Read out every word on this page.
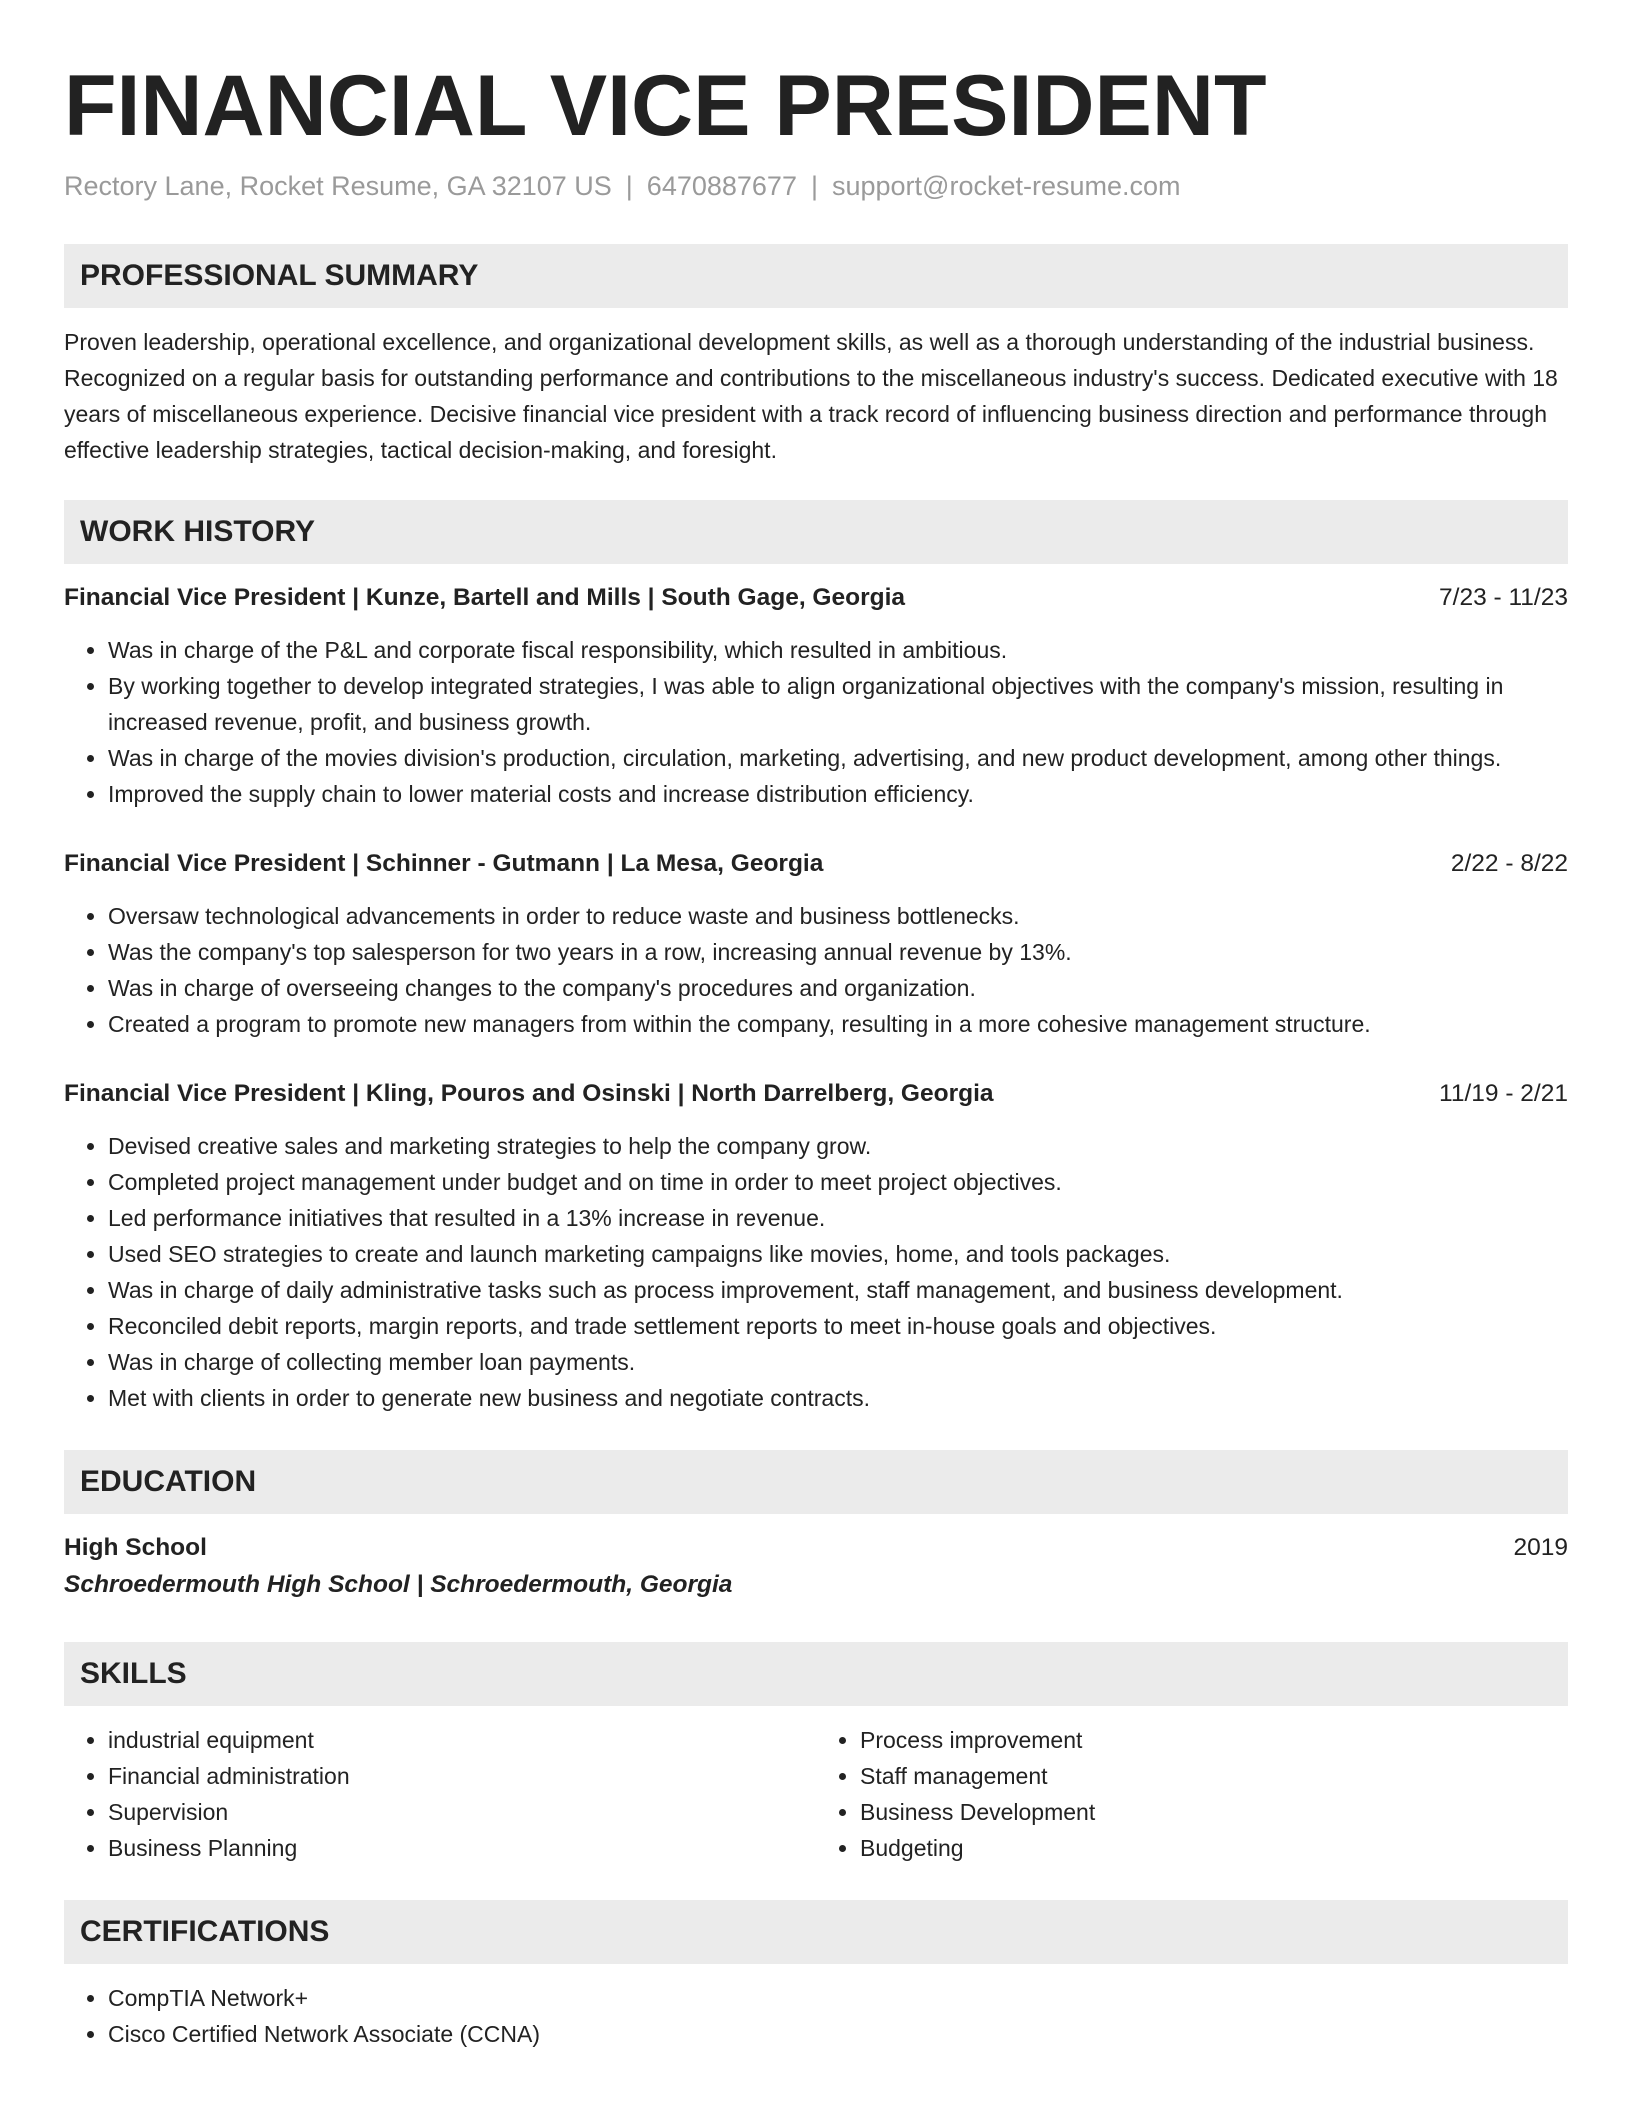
FINANCIAL VICE PRESIDENT
Rectory Lane, Rocket Resume, GA 32107 US | 6470887677 | support@rocket-resume.com
PROFESSIONAL SUMMARY

Proven leadership, operational excellence, and organizational development skills, as well as a thorough understanding of the industrial business. Recognized on a regular basis for outstanding performance and contributions to the miscellaneous industry's success. Dedicated executive with 18 years of miscellaneous experience. Decisive financial vice president with a track record of influencing business direction and performance through effective leadership strategies, tactical decision-making, and foresight.

WORK HISTORY
Financial Vice President | Kunze, Bartell and Mills | South Gage, Georgia	7/23 - 11/23
• Was in charge of the P&L and corporate fiscal responsibility, which resulted in ambitious.
• By working together to develop integrated strategies, I was able to align organizational objectives with the company's mission, resulting in increased revenue, profit, and business growth.
• Was in charge of the movies division's production, circulation, marketing, advertising, and new product development, among other things.
• Improved the supply chain to lower material costs and increase distribution efficiency.
Financial Vice President | Schinner - Gutmann | La Mesa, Georgia	2/22 - 8/22
• Oversaw technological advancements in order to reduce waste and business bottlenecks.
• Was the company's top salesperson for two years in a row, increasing annual revenue by 13%.
• Was in charge of overseeing changes to the company's procedures and organization.
• Created a program to promote new managers from within the company, resulting in a more cohesive management structure.
Financial Vice President | Kling, Pouros and Osinski | North Darrelberg, Georgia	11/19 - 2/21
• Devised creative sales and marketing strategies to help the company grow.
• Completed project management under budget and on time in order to meet project objectives.
• Led performance initiatives that resulted in a 13% increase in revenue.
• Used SEO strategies to create and launch marketing campaigns like movies, home, and tools packages.
• Was in charge of daily administrative tasks such as process improvement, staff management, and business development.
• Reconciled debit reports, margin reports, and trade settlement reports to meet in-house goals and objectives.
• Was in charge of collecting member loan payments.
• Met with clients in order to generate new business and negotiate contracts.
EDUCATION
High School	2019
Schroedermouth High School | Schroedermouth, Georgia
SKILLS
• industrial equipment
• Financial administration
• Supervision
• Business Planning
• Process improvement
• Staff management
• Business Development
• Budgeting
CERTIFICATIONS
• CompTIA Network+
• Cisco Certified Network Associate (CCNA)
